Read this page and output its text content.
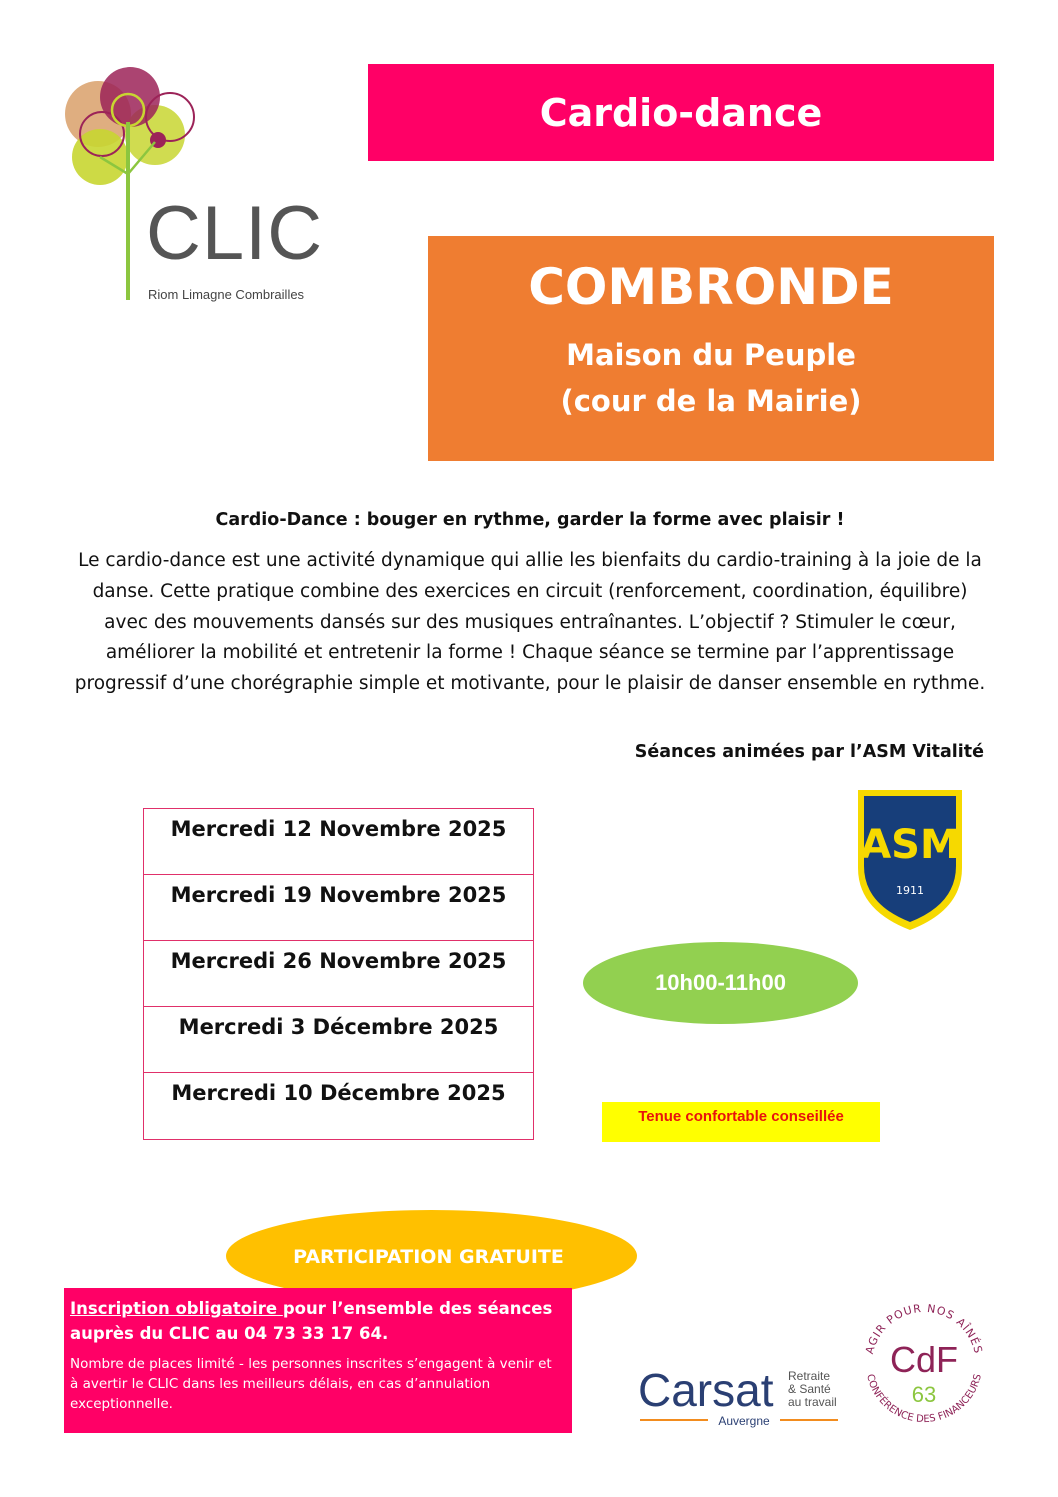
CLIC
Riom Limagne Combrailles
Cardio-dance
COMBRONDE
Maison du Peuple
(cour de la Mairie)
Cardio-Dance : bouger en rythme, garder la forme avec plaisir !

Le cardio-dance est une activité dynamique qui allie les bienfaits du cardio-training à la joie de la danse. Cette pratique combine des exercices en circuit (renforcement, coordination, équilibre) avec des mouvements dansés sur des musiques entraînantes. L’objectif ? Stimuler le cœur, améliorer la mobilité et entretenir la forme ! Chaque séance se termine par l’apprentissage progressif d’une chorégraphie simple et motivante, pour le plaisir de danser ensemble en rythme.

Séances animées par l’ASM Vitalité
Mercredi 12 Novembre 2025
Mercredi 19 Novembre 2025
Mercredi 26 Novembre 2025
Mercredi 3 Décembre 2025
Mercredi 10 Décembre 2025
ASM
1911
10h00-11h00
Tenue confortable conseillée
PARTICIPATION GRATUITE

Inscription obligatoire pour l’ensemble des séances auprès du CLIC au 04 73 33 17 64.

Nombre de places limité - les personnes inscrites s’engagent à venir et à avertir le CLIC dans les meilleurs délais, en cas d’annulation exceptionnelle.	Carsat Retraite
& Santé
au travail
Auvergne
AGIR POUR NOS AÎNÉS
CONFÉRENCE DES FINANCEURS
CdF
63
